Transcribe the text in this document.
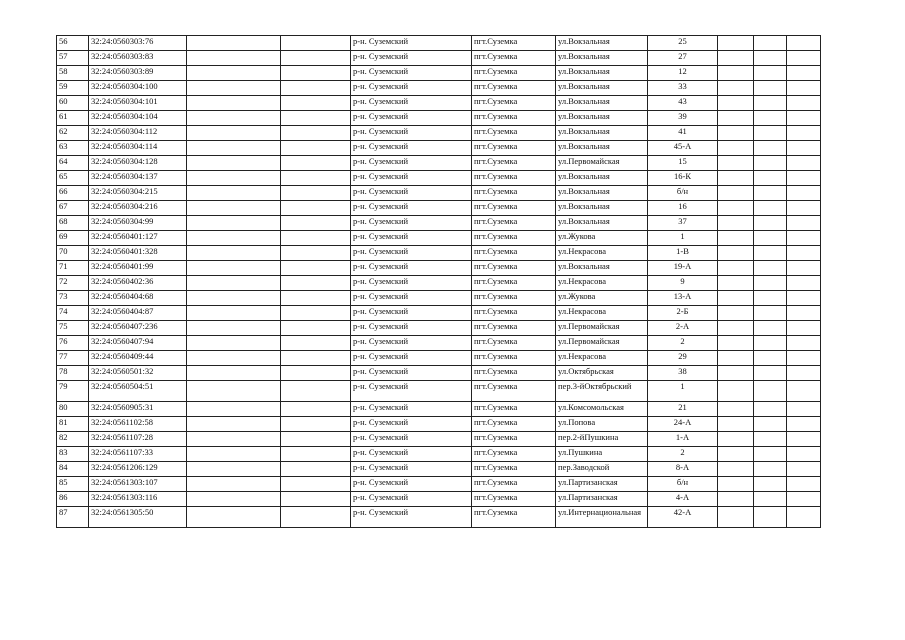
56	32:24:0560303:76			р-н. Суземский	пгт.Суземка	ул.Вокзальная	25			
57	32:24:0560303:83			р-н. Суземский	пгт.Суземка	ул.Вокзальная	27			
58	32:24:0560303:89			р-н. Суземский	пгт.Суземка	ул.Вокзальная	12			
59	32:24:0560304:100			р-н. Суземский	пгт.Суземка	ул.Вокзальная	33			
60	32:24:0560304:101			р-н. Суземский	пгт.Суземка	ул.Вокзальная	43			
61	32:24:0560304:104			р-н. Суземский	пгт.Суземка	ул.Вокзальная	39			
62	32:24:0560304:112			р-н. Суземский	пгт.Суземка	ул.Вокзальная	41			
63	32:24:0560304:114			р-н. Суземский	пгт.Суземка	ул.Вокзальная	45-А			
64	32:24:0560304:128			р-н. Суземский	пгт.Суземка	ул.Первомайская	15			
65	32:24:0560304:137			р-н. Суземский	пгт.Суземка	ул.Вокзальная	16-К			
66	32:24:0560304:215			р-н. Суземский	пгт.Суземка	ул.Вокзальная	б/н			
67	32:24:0560304:216			р-н. Суземский	пгт.Суземка	ул.Вокзальная	16			
68	32:24:0560304:99			р-н. Суземский	пгт.Суземка	ул.Вокзальная	37			
69	32:24:0560401:127			р-н. Суземский	пгт.Суземка	ул.Жукова	1			
70	32:24:0560401:328			р-н. Суземский	пгт.Суземка	ул.Некрасова	1-В			
71	32:24:0560401:99			р-н. Суземский	пгт.Суземка	ул.Вокзальная	19-А			
72	32:24:0560402:36			р-н. Суземский	пгт.Суземка	ул.Некрасова	9			
73	32:24:0560404:68			р-н. Суземский	пгт.Суземка	ул.Жукова	13-А			
74	32:24:0560404:87			р-н. Суземский	пгт.Суземка	ул.Некрасова	2-Б			
75	32:24:0560407:236			р-н. Суземский	пгт.Суземка	ул.Первомайская	2-А			
76	32:24:0560407:94			р-н. Суземский	пгт.Суземка	ул.Первомайская	2			
77	32:24:0560409:44			р-н. Суземский	пгт.Суземка	ул.Некрасова	29			
78	32:24:0560501:32			р-н. Суземский	пгт.Суземка	ул.Октябрьская	38			
79	32:24:0560504:51			р-н. Суземский	пгт.Суземка	пер.3-йОктябрьский	1			
80	32:24:0560905:31			р-н. Суземский	пгт.Суземка	ул.Комсомольская	21			
81	32:24:0561102:58			р-н. Суземский	пгт.Суземка	ул.Попова	24-А			
82	32:24:0561107:28			р-н. Суземский	пгт.Суземка	пер.2-йПушкина	1-А			
83	32:24:0561107:33			р-н. Суземский	пгт.Суземка	ул.Пушкина	2			
84	32:24:0561206:129			р-н. Суземский	пгт.Суземка	пер.Заводской	8-А			
85	32:24:0561303:107			р-н. Суземский	пгт.Суземка	ул.Партизанская	б/н			
86	32:24:0561303:116			р-н. Суземский	пгт.Суземка	ул.Партизанская	4-А			
87	32:24:0561305:50			р-н. Суземский	пгт.Суземка	ул.Интернациональная	42-А			
